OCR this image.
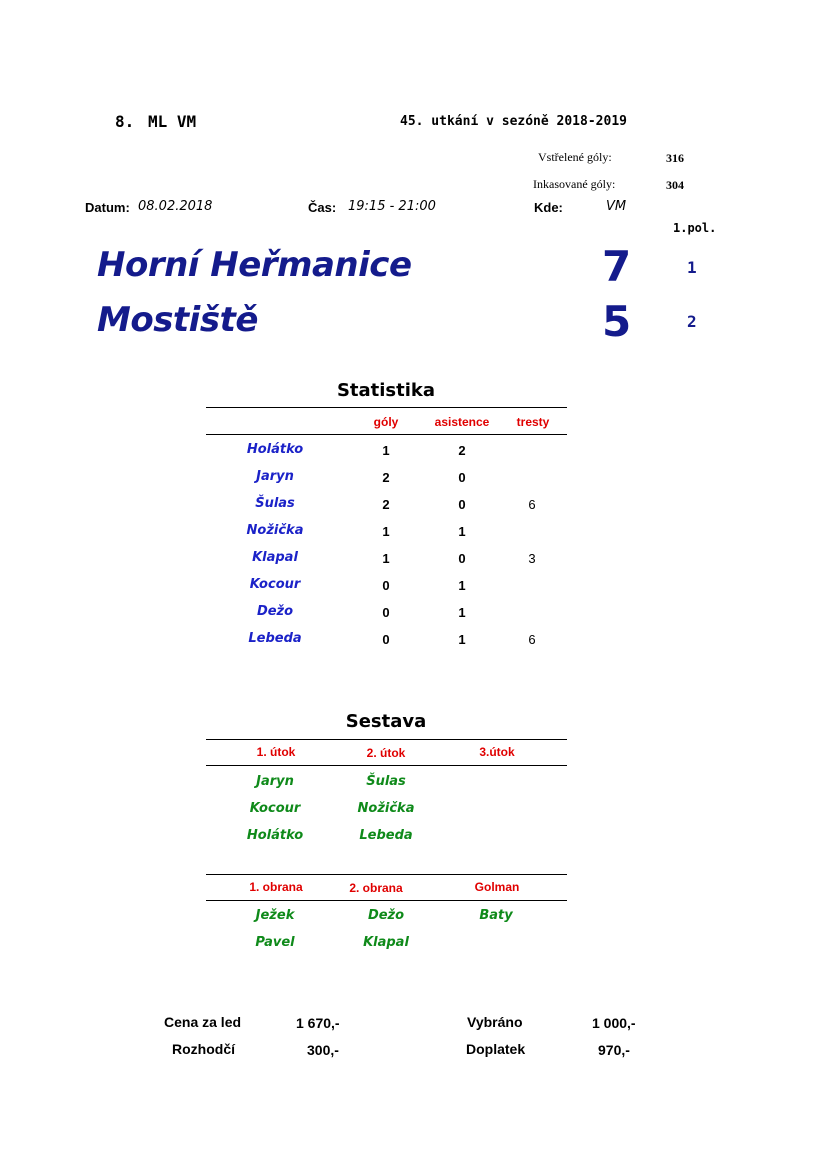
8. ML VM	45. utkání v sezóně 2018-2019
Vstřelené góly:	316
Inkasované góly:	304
Datum: 08.02.2018	Čas: 19:15 - 21:00	Kde:	VM
1.pol.
Horní Heřmanice	7	1
Mostiště	5	2
Statistika
góly	asistence	tresty
Holátko	1	2
Jaryn	2	0
Šulas	2	0	6
Nožička	1	1
Klapal	1	0	3
Kocour	0	1
Dežo	0	1
Lebeda	0	1	6
Sestava
1. útok	2. útok	3.útok
Jaryn	Šulas
Kocour	Nožička
Holátko	Lebeda
1. obrana	2. obrana	Golman
Ježek	Dežo	Baty
Pavel	Klapal
Cena za led	1 670,-
Rozhodčí	300,-
Vybráno	1 000,-
Doplatek	970,-
